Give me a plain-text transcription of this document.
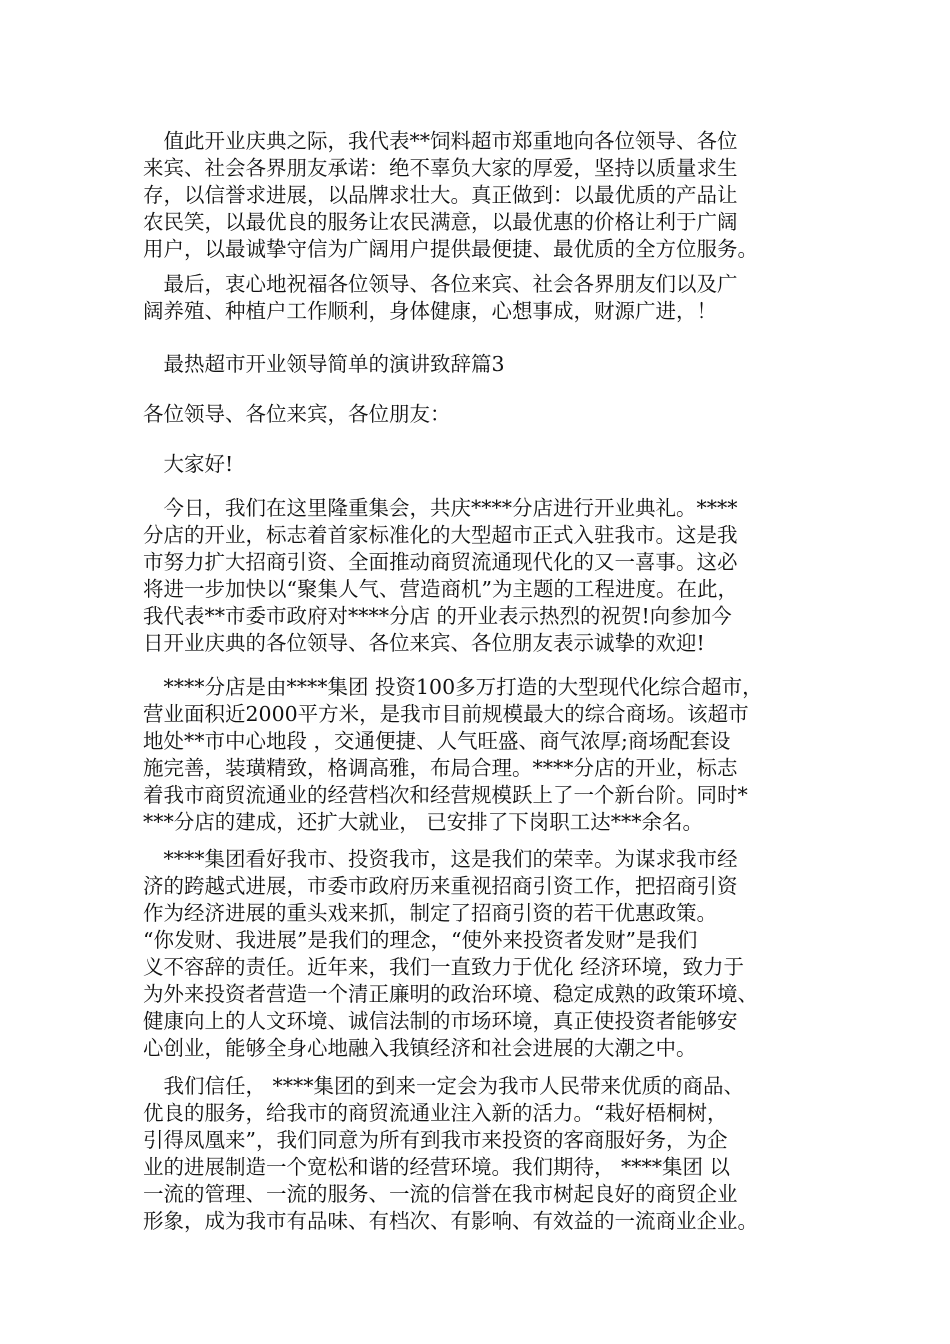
　值此开业庆典之际，我代表**饲料超市郑重地向各位领导、各位
来宾、社会各界朋友承诺：绝不辜负大家的厚爱，坚持以质量求生
存，以信誉求进展，以品牌求壮大。真正做到：以最优质的产品让
农民笑，以最优良的服务让农民满意，以最优惠的价格让利于广阔
用户，以最诚挚守信为广阔用户提供最便捷、最优质的全方位服务。
　最后，衷心地祝福各位领导、各位来宾、社会各界朋友们以及广
阔养殖、种植户工作顺利，身体健康，心想事成，财源广进，！
　最热超市开业领导简单的演讲致辞篇3
各位领导、各位来宾，各位朋友：
　大家好!
　今日，我们在这里隆重集会，共庆****分店进行开业典礼。****
分店的开业，标志着首家标准化的大型超市正式入驻我市。这是我
市努力扩大招商引资、全面推动商贸流通现代化的又一喜事。这必
将进一步加快以“聚集人气、营造商机”为主题的工程进度。在此，
我代表**市委市政府对****分店 的开业表示热烈的祝贺!向参加今
日开业庆典的各位领导、各位来宾、各位朋友表示诚挚的欢迎!
　****分店是由****集团 投资100多万打造的大型现代化综合超市，
营业面积近2000平方米，是我市目前规模最大的综合商场。该超市
地处**市中心地段 ，交通便捷、人气旺盛、商气浓厚;商场配套设
施完善，装璜精致，格调高雅，布局合理。****分店的开业，标志
着我市商贸流通业的经营档次和经营规模跃上了一个新台阶。同时*
***分店的建成，还扩大就业， 已安排了下岗职工达***余名。
　****集团看好我市、投资我市，这是我们的荣幸。为谋求我市经
济的跨越式进展，市委市政府历来重视招商引资工作，把招商引资
作为经济进展的重头戏来抓，制定了招商引资的若干优惠政策。
“你发财、我进展”是我们的理念，“使外来投资者发财”是我们
义不容辞的责任。近年来，我们一直致力于优化 经济环境，致力于
为外来投资者营造一个清正廉明的政治环境、稳定成熟的政策环境、
健康向上的人文环境、诚信法制的市场环境，真正使投资者能够安
心创业，能够全身心地融入我镇经济和社会进展的大潮之中。
　我们信任， ****集团的到来一定会为我市人民带来优质的商品、
优良的服务，给我市的商贸流通业注入新的活力。“栽好梧桐树，
引得凤凰来”，我们同意为所有到我市来投资的客商服好务，为企
业的进展制造一个宽松和谐的经营环境。我们期待， ****集团 以
一流的管理、一流的服务、一流的信誉在我市树起良好的商贸企业
形象，成为我市有品味、有档次、有影响、有效益的一流商业企业。
